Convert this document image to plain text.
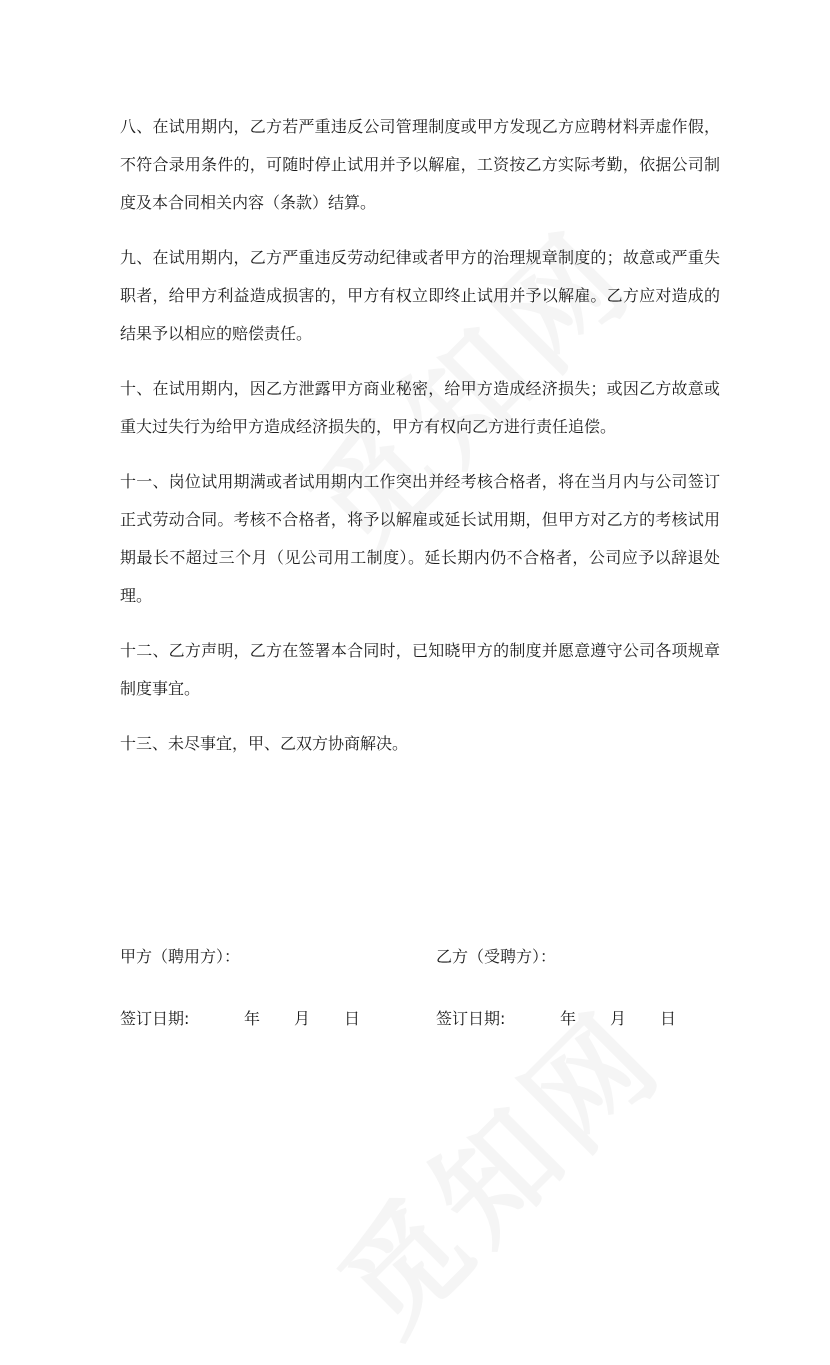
八、在试用期内，乙方若严重违反公司管理制度或甲方发现乙方应聘材料弄虚作假，不符合录用条件的，可随时停止试用并予以解雇，工资按乙方实际考勤，依据公司制度及本合同相关内容（条款）结算。

九、在试用期内，乙方严重违反劳动纪律或者甲方的治理规章制度的；故意或严重失职者，给甲方利益造成损害的，甲方有权立即终止试用并予以解雇。乙方应对造成的结果予以相应的赔偿责任。

十、在试用期内，因乙方泄露甲方商业秘密，给甲方造成经济损失；或因乙方故意或重大过失行为给甲方造成经济损失的，甲方有权向乙方进行责任追偿。

十一、岗位试用期满或者试用期内工作突出并经考核合格者，将在当月内与公司签订正式劳动合同。考核不合格者，将予以解雇或延长试用期，但甲方对乙方的考核试用期最长不超过三个月（见公司用工制度）。延长期内仍不合格者，公司应予以辞退处理。

十二、乙方声明，乙方在签署本合同时，已知晓甲方的制度并愿意遵守公司各项规章制度事宜。

十三、未尽事宜，甲、乙双方协商解决。

甲方（聘用方）：	乙方（受聘方）：
签订日期:	年 月 日	签订日期:	年 月 日
